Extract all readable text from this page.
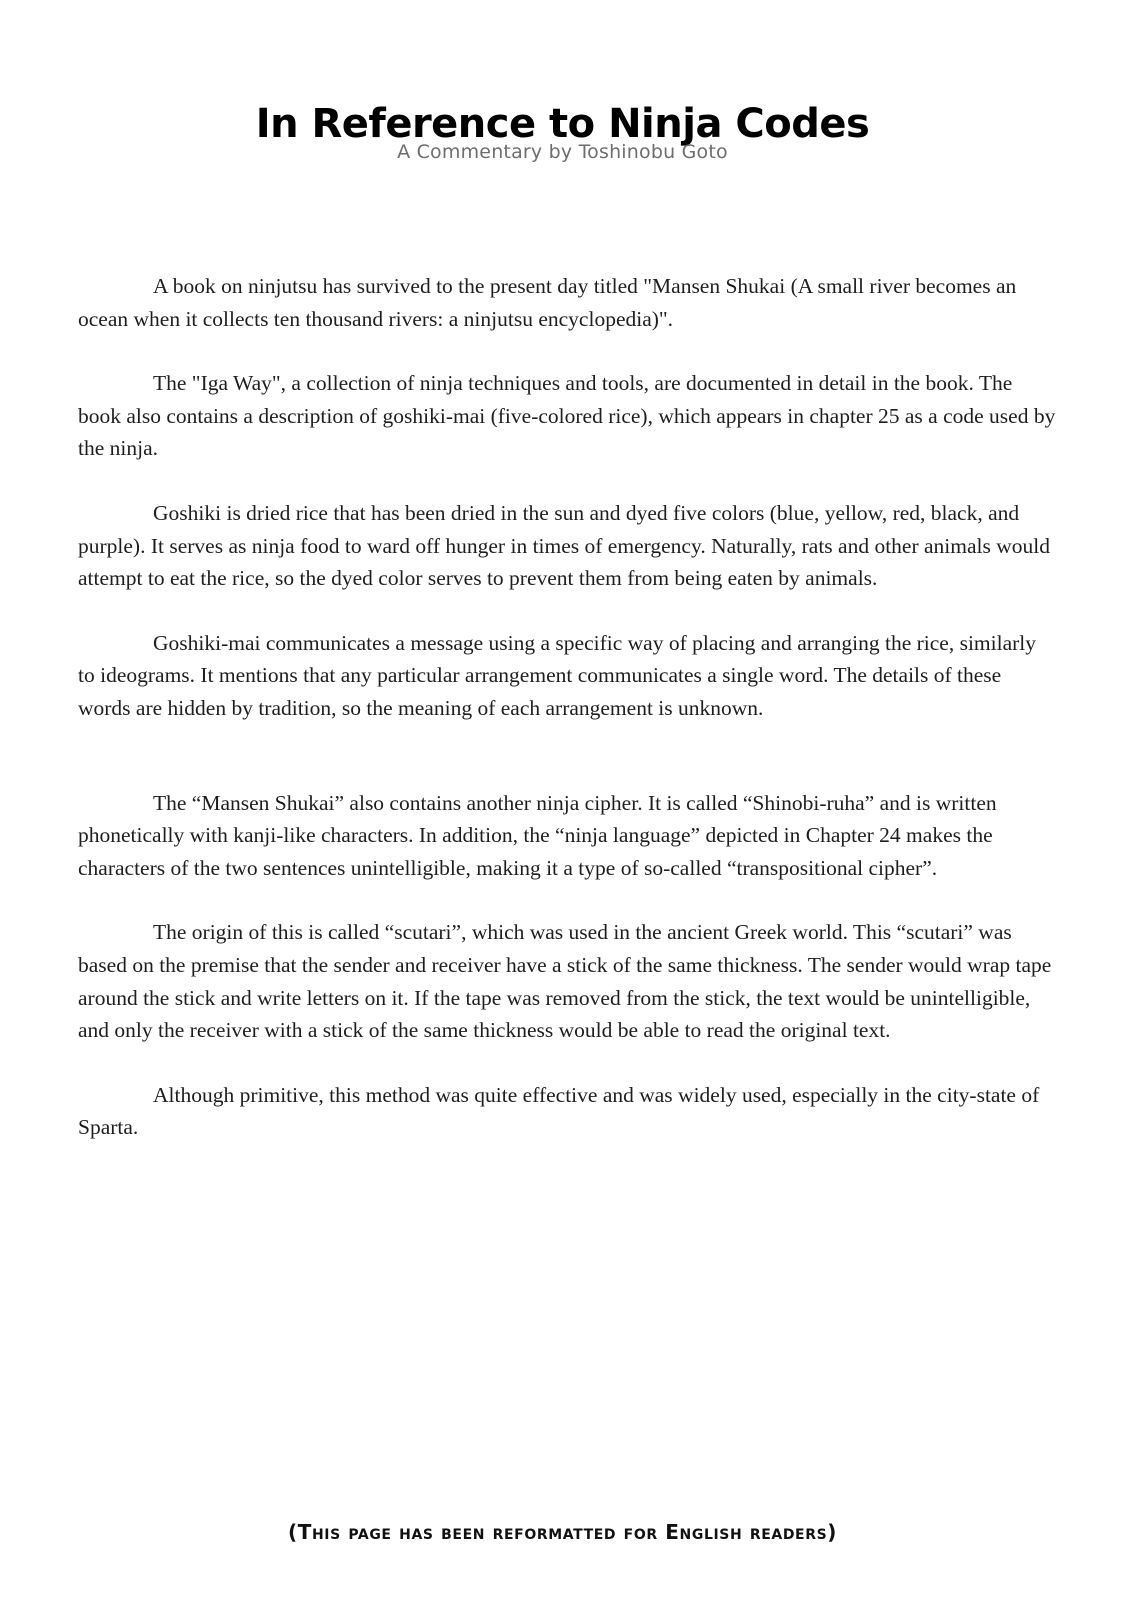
In Reference to Ninja Codes
A Commentary by Toshinobu Goto

A book on ninjutsu has survived to the present day titled "Mansen Shukai (A small river becomes an ocean when it collects ten thousand rivers: a ninjutsu encyclopedia)".

The "Iga Way", a collection of ninja techniques and tools, are documented in detail in the book. The book also contains a description of goshiki-mai (five-colored rice), which appears in chapter 25 as a code used by the ninja.

Goshiki is dried rice that has been dried in the sun and dyed five colors (blue, yellow, red, black, and purple). It serves as ninja food to ward off hunger in times of emergency. Naturally, rats and other animals would attempt to eat the rice, so the dyed color serves to prevent them from being eaten by animals.

Goshiki-mai communicates a message using a specific way of placing and arranging the rice, similarly to ideograms. It mentions that any particular arrangement communicates a single word. The details of these words are hidden by tradition, so the meaning of each arrangement is unknown.

The “Mansen Shukai” also contains another ninja cipher. It is called “Shinobi-ruha” and is written phonetically with kanji-like characters. In addition, the “ninja language” depicted in Chapter 24 makes the characters of the two sentences unintelligible, making it a type of so-called “transpositional cipher”.

The origin of this is called “scutari”, which was used in the ancient Greek world. This “scutari” was based on the premise that the sender and receiver have a stick of the same thickness. The sender would wrap tape around the stick and write letters on it. If the tape was removed from the stick, the text would be unintelligible, and only the receiver with a stick of the same thickness would be able to read the original text.

Although primitive, this method was quite effective and was widely used, especially in the city-state of Sparta.

(This page has been reformatted for English readers)
